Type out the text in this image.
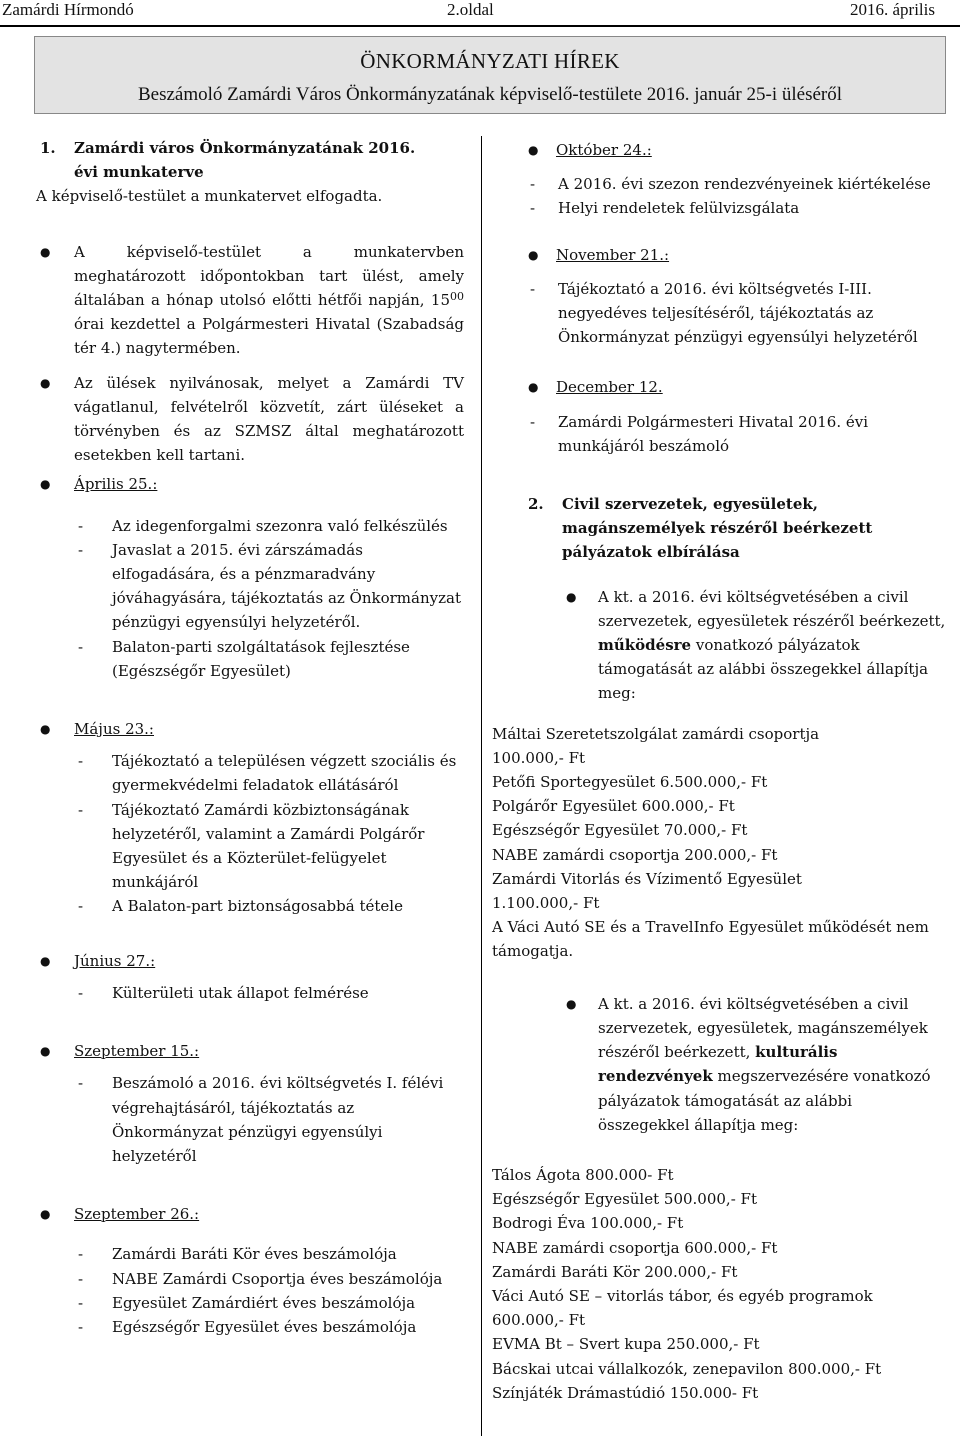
Zamárdi Hírmondó	2.oldal	2016. április
ÖNKORMÁNYZATI HÍREK
Beszámoló Zamárdi Város Önkormányzatának képviselő-testülete 2016. január 25-i üléséről

1. Zamárdi város Önkormányzatának 2016.
évi munkaterve

A képviselő-testület a munkatervet elfogadta.

● A képviselő-testület a munkatervben meghatározott időpontokban tart ülést, amely általában a hónap utolsó előtti hétfői napján, $15^{00}$ órai kezdettel a Polgármesteri Hivatal (Szabadság tér 4.) nagytermében.

● Az ülések nyilvánosak, melyet a Zamárdi TV vágatlanul, felvételről közvetít, zárt üléseket a törvényben és az SZMSZ által meghatározott esetekben kell tartani.

● Április 25.:

- Az idegenforgalmi szezonra való felkészülés

- Javaslat a 2015. évi zárszámadás elfogadására, és a pénzmaradvány jóváhagyására, tájékoztatás az Önkormányzat pénzügyi egyensúlyi helyzetéről.

- Balaton-parti szolgáltatások fejlesztése (Egészségőr Egyesület)

● Május 23.:

- Tájékoztató a településen végzett szociális és gyermekvédelmi feladatok ellátásáról

- Tájékoztató Zamárdi közbiztonságának helyzetéről, valamint a Zamárdi Polgárőr Egyesület és a Közterület-felügyelet munkájáról

- A Balaton-part biztonságosabbá tétele

● Június 27.:

- Külterületi utak állapot felmérése

● Szeptember 15.:

- Beszámoló a 2016. évi költségvetés I. félévi végrehajtásáról, tájékoztatás az Önkormányzat pénzügyi egyensúlyi helyzetéről

● Szeptember 26.:

- Zamárdi Baráti Kör éves beszámolója

- NABE Zamárdi Csoportja éves beszámolója

- Egyesület Zamárdiért éves beszámolója

- Egészségőr Egyesület éves beszámolója

● Október 24.:

- A 2016. évi szezon rendezvényeinek kiértékelése

- Helyi rendeletek felülvizsgálata

● November 21.:

- Tájékoztató a 2016. évi költségvetés I-III. negyedéves teljesítéséről, tájékoztatás az Önkormányzat pénzügyi egyensúlyi helyzetéről

● December 12.

- Zamárdi Polgármesteri Hivatal 2016. évi munkájáról beszámoló

2. Civil szervezetek, egyesületek, magánszemélyek részéről beérkezett pályázatok elbírálása

● A kt. a 2016. évi költségvetésében a civil szervezetek, egyesületek részéről beérkezett, működésre vonatkozó pályázatok támogatását az alábbi összegekkel állapítja meg:

Máltai Szeretetszolgálat zamárdi csoportja

100.000,- Ft

Petőfi Sportegyesület 6.500.000,- Ft

Polgárőr Egyesület 600.000,- Ft

Egészségőr Egyesület 70.000,- Ft

NABE zamárdi csoportja 200.000,- Ft

Zamárdi Vitorlás és Vízimentő Egyesület

1.100.000,- Ft

A Váci Autó SE és a TravelInfo Egyesület működését nem támogatja.

● A kt. a 2016. évi költségvetésében a civil szervezetek, egyesületek, magánszemélyek részéről beérkezett, kulturális rendezvények megszervezésére vonatkozó pályázatok támogatását az alábbi összegekkel állapítja meg:

Tálos Ágota 800.000- Ft

Egészségőr Egyesület 500.000,- Ft

Bodrogi Éva 100.000,- Ft

NABE zamárdi csoportja 600.000,- Ft

Zamárdi Baráti Kör 200.000,- Ft

Váci Autó SE – vitorlás tábor, és egyéb programok 600.000,- Ft

EVMA Bt – Svert kupa 250.000,- Ft

Bácskai utcai vállalkozók, zenepavilon 800.000,- Ft

Színjáték Drámastúdió 150.000- Ft
